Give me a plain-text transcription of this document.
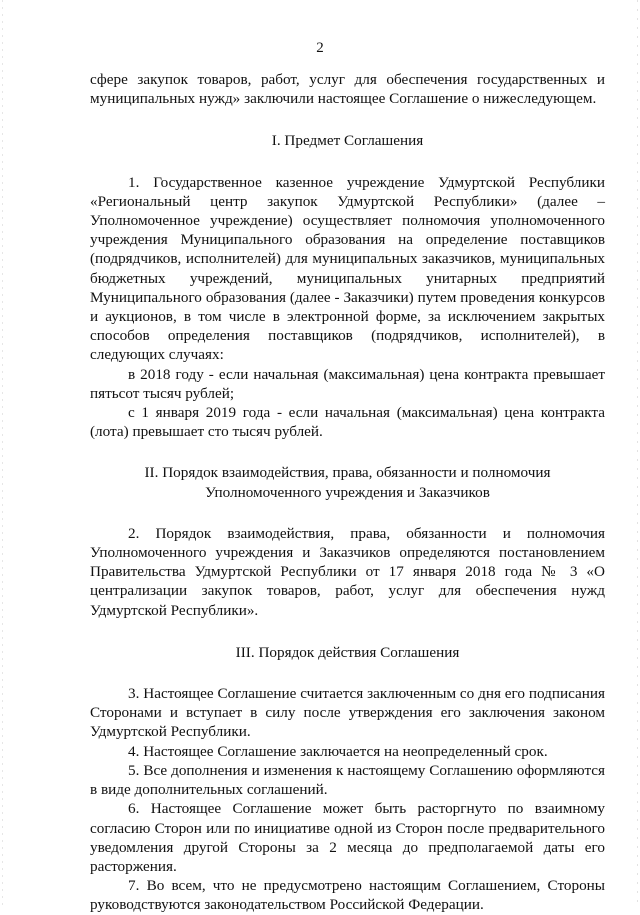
2

сфере закупок товаров, работ, услуг для обеспечения государственных и муниципальных нужд» заключили настоящее Соглашение о нижеследующем.

I. Предмет Соглашения

1. Государственное казенное учреждение Удмуртской Республики «Региональный центр закупок Удмуртской Республики» (далее – Уполномоченное учреждение) осуществляет полномочия уполномоченного учреждения Муниципального образования на определение поставщиков (подрядчиков, исполнителей) для муниципальных заказчиков, муниципальных бюджетных учреждений, муниципальных унитарных предприятий Муниципального образования (далее - Заказчики) путем проведения конкурсов и аукционов, в том числе в электронной форме, за исключением закрытых способов определения поставщиков (подрядчиков, исполнителей), в следующих случаях:

в 2018 году - если начальная (максимальная) цена контракта превышает пятьсот тысяч рублей;

с 1 января 2019 года - если начальная (максимальная) цена контракта (лота) превышает сто тысяч рублей.

II. Порядок взаимодействия, права, обязанности и полномочия

Уполномоченного учреждения и Заказчиков

2. Порядок взаимодействия, права, обязанности и полномочия Уполномоченного учреждения и Заказчиков определяются постановлением Правительства Удмуртской Республики от 17 января 2018 года № 3 «О централизации закупок товаров, работ, услуг для обеспечения нужд Удмуртской Республики».

III. Порядок действия Соглашения

3. Настоящее Соглашение считается заключенным со дня его подписания Сторонами и вступает в силу после утверждения его заключения законом Удмуртской Республики.

4. Настоящее Соглашение заключается на неопределенный срок.

5. Все дополнения и изменения к настоящему Соглашению оформляются в виде дополнительных соглашений.

6. Настоящее Соглашение может быть расторгнуто по взаимному согласию Сторон или по инициативе одной из Сторон после предварительного уведомления другой Стороны за 2 месяца до предполагаемой даты его расторжения.

7. Во всем, что не предусмотрено настоящим Соглашением, Стороны руководствуются законодательством Российской Федерации.
